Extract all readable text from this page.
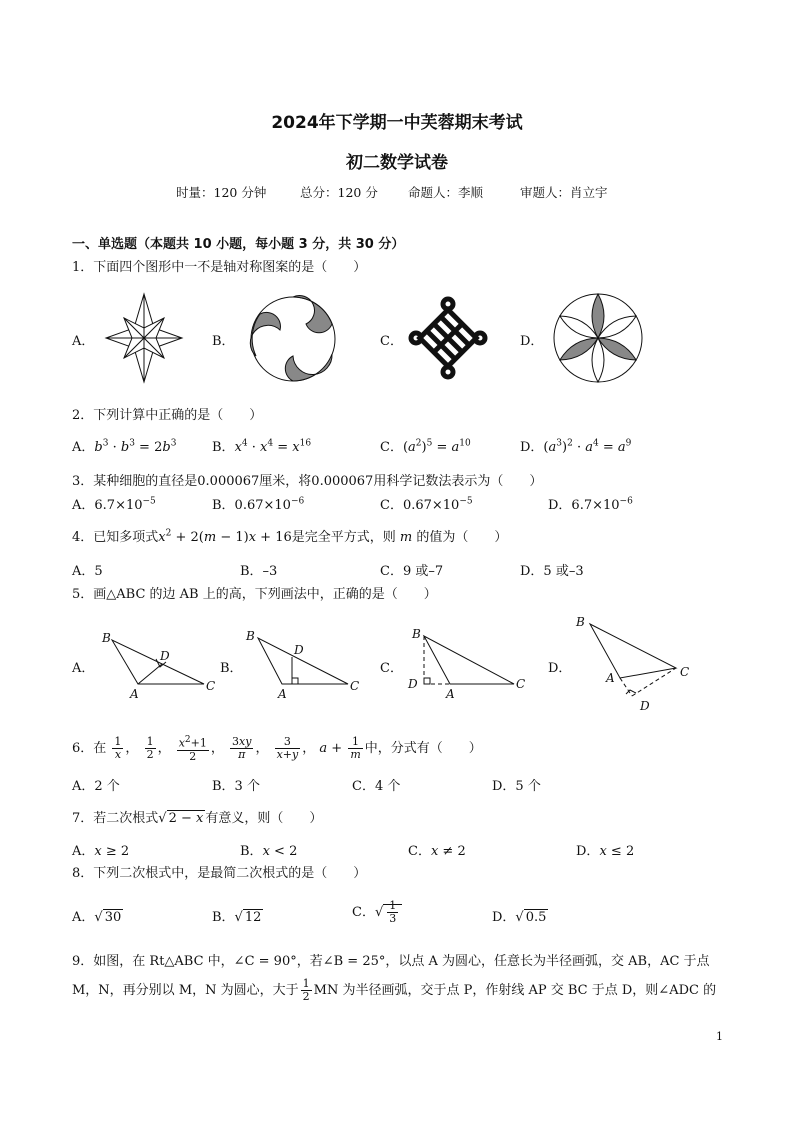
2024年下学期一中芙蓉期末考试
初二数学试卷
时量：120 分钟	总分：120 分 命题人：李顺	审题人：肖立宇
一、单选题（本题共 10 小题，每小题 3 分，共 30 分）
1．下面四个图形中一不是轴对称图案的是（　　）
A．	B．	C．	D．
2．下列计算中正确的是（　　）
A．$b^3 \cdot b^3 = 2b^3$	B．$x^4 \cdot x^4 = x^{16}$	C．$(a^2)^5 = a^{10}$	D．$(a^3)^2 \cdot a^4 = a^9$
3．某种细胞的直径是0.000067厘米，将0.000067用科学记数法表示为（　　）
A．$6.7\times 10^{-5}$	B．$0.67\times 10^{-6}$	C．$0.67\times 10^{-5}$	D．$6.7\times 10^{-6}$
4．已知多项式$x^2 + 2(m - 1)x + 16$是完全平方式，则 m 的值为（　　）
A．5	B．–3	C．9 或–7	D．5 或–3
5．画△ABC 的边 AB 上的高，下列画法中，正确的是（　　）
A．	B．	C．	D．
B
D
A
C
B
D
A
C
B
D
A
C
B
A	C
D
6．在 $\frac{1}{x}$ ， $\frac{1}{2}$ ， $\frac{x^2+1}{2}$ ， $\frac{3xy}{\pi}$ ， $\frac{3}{x+y}$ ， $a + \frac{1}{m}$ 中，分式有（　　）
A．2 个	B．3 个	C．4 个	D．5 个
7．若二次根式√ 2 − x 有意义，则（　　）
A．x ≥ 2	B．x < 2	C．x ≠ 2	D．x ≤ 2
8．下列二次根式中，是最简二次根式的是（　　）
A．√ 30	B．√ 12	C．√ $\frac{1}{3}$	D．√ 0.5
9．如图，在 Rt△ABC 中，∠C = 90°，若∠B = 25°，以点 A 为圆心，任意长为半径画弧，交 AB，AC 于点
M，N，再分别以 M，N 为圆心，大于 $\frac{1}{2}$ MN 为半径画弧，交于点 P，作射线 AP 交 BC 于点 D，则∠ADC 的
1
